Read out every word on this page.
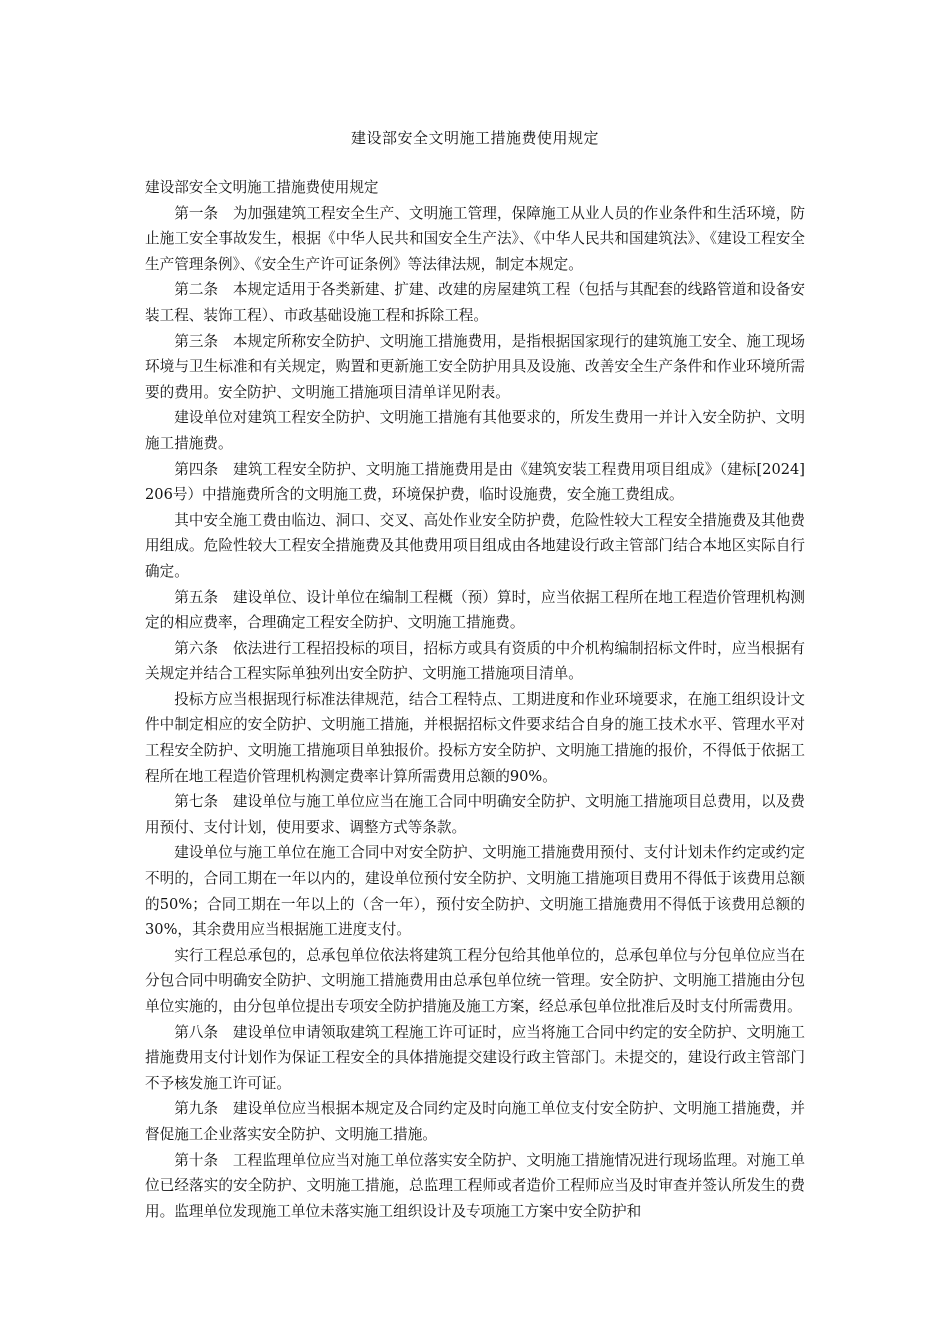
建设部安全文明施工措施费使用规定

建设部安全文明施工措施费使用规定

第一条　为加强建筑工程安全生产、文明施工管理，保障施工从业人员的作业条件和生活环境，防止施工安全事故发生，根据《中华人民共和国安全生产法》、《中华人民共和国建筑法》、《建设工程安全生产管理条例》、《安全生产许可证条例》等法律法规，制定本规定。

第二条　本规定适用于各类新建、扩建、改建的房屋建筑工程（包括与其配套的线路管道和设备安装工程、装饰工程）、市政基础设施工程和拆除工程。

第三条　本规定所称安全防护、文明施工措施费用，是指根据国家现行的建筑施工安全、施工现场环境与卫生标准和有关规定，购置和更新施工安全防护用具及设施、改善安全生产条件和作业环境所需要的费用。安全防护、文明施工措施项目清单详见附表。

建设单位对建筑工程安全防护、文明施工措施有其他要求的，所发生费用一并计入安全防护、文明施工措施费。

第四条　建筑工程安全防护、文明施工措施费用是由《建筑安装工程费用项目组成》（建标[2024]206号）中措施费所含的文明施工费，环境保护费，临时设施费，安全施工费组成。

其中安全施工费由临边、洞口、交叉、高处作业安全防护费，危险性较大工程安全措施费及其他费用组成。危险性较大工程安全措施费及其他费用项目组成由各地建设行政主管部门结合本地区实际自行确定。

第五条　建设单位、设计单位在编制工程概（预）算时，应当依据工程所在地工程造价管理机构测定的相应费率，合理确定工程安全防护、文明施工措施费。

第六条　依法进行工程招投标的项目，招标方或具有资质的中介机构编制招标文件时，应当根据有关规定并结合工程实际单独列出安全防护、文明施工措施项目清单。

投标方应当根据现行标准法律规范，结合工程特点、工期进度和作业环境要求，在施工组织设计文件中制定相应的安全防护、文明施工措施，并根据招标文件要求结合自身的施工技术水平、管理水平对工程安全防护、文明施工措施项目单独报价。投标方安全防护、文明施工措施的报价，不得低于依据工程所在地工程造价管理机构测定费率计算所需费用总额的90%。

第七条　建设单位与施工单位应当在施工合同中明确安全防护、文明施工措施项目总费用，以及费用预付、支付计划，使用要求、调整方式等条款。

建设单位与施工单位在施工合同中对安全防护、文明施工措施费用预付、支付计划未作约定或约定不明的，合同工期在一年以内的，建设单位预付安全防护、文明施工措施项目费用不得低于该费用总额的50%；合同工期在一年以上的（含一年），预付安全防护、文明施工措施费用不得低于该费用总额的30%，其余费用应当根据施工进度支付。

实行工程总承包的，总承包单位依法将建筑工程分包给其他单位的，总承包单位与分包单位应当在分包合同中明确安全防护、文明施工措施费用由总承包单位统一管理。安全防护、文明施工措施由分包单位实施的，由分包单位提出专项安全防护措施及施工方案，经总承包单位批准后及时支付所需费用。

第八条　建设单位申请领取建筑工程施工许可证时，应当将施工合同中约定的安全防护、文明施工措施费用支付计划作为保证工程安全的具体措施提交建设行政主管部门。未提交的，建设行政主管部门不予核发施工许可证。

第九条　建设单位应当根据本规定及合同约定及时向施工单位支付安全防护、文明施工措施费，并督促施工企业落实安全防护、文明施工措施。

第十条　工程监理单位应当对施工单位落实安全防护、文明施工措施情况进行现场监理。对施工单位已经落实的安全防护、文明施工措施，总监理工程师或者造价工程师应当及时审查并签认所发生的费用。监理单位发现施工单位未落实施工组织设计及专项施工方案中安全防护和
